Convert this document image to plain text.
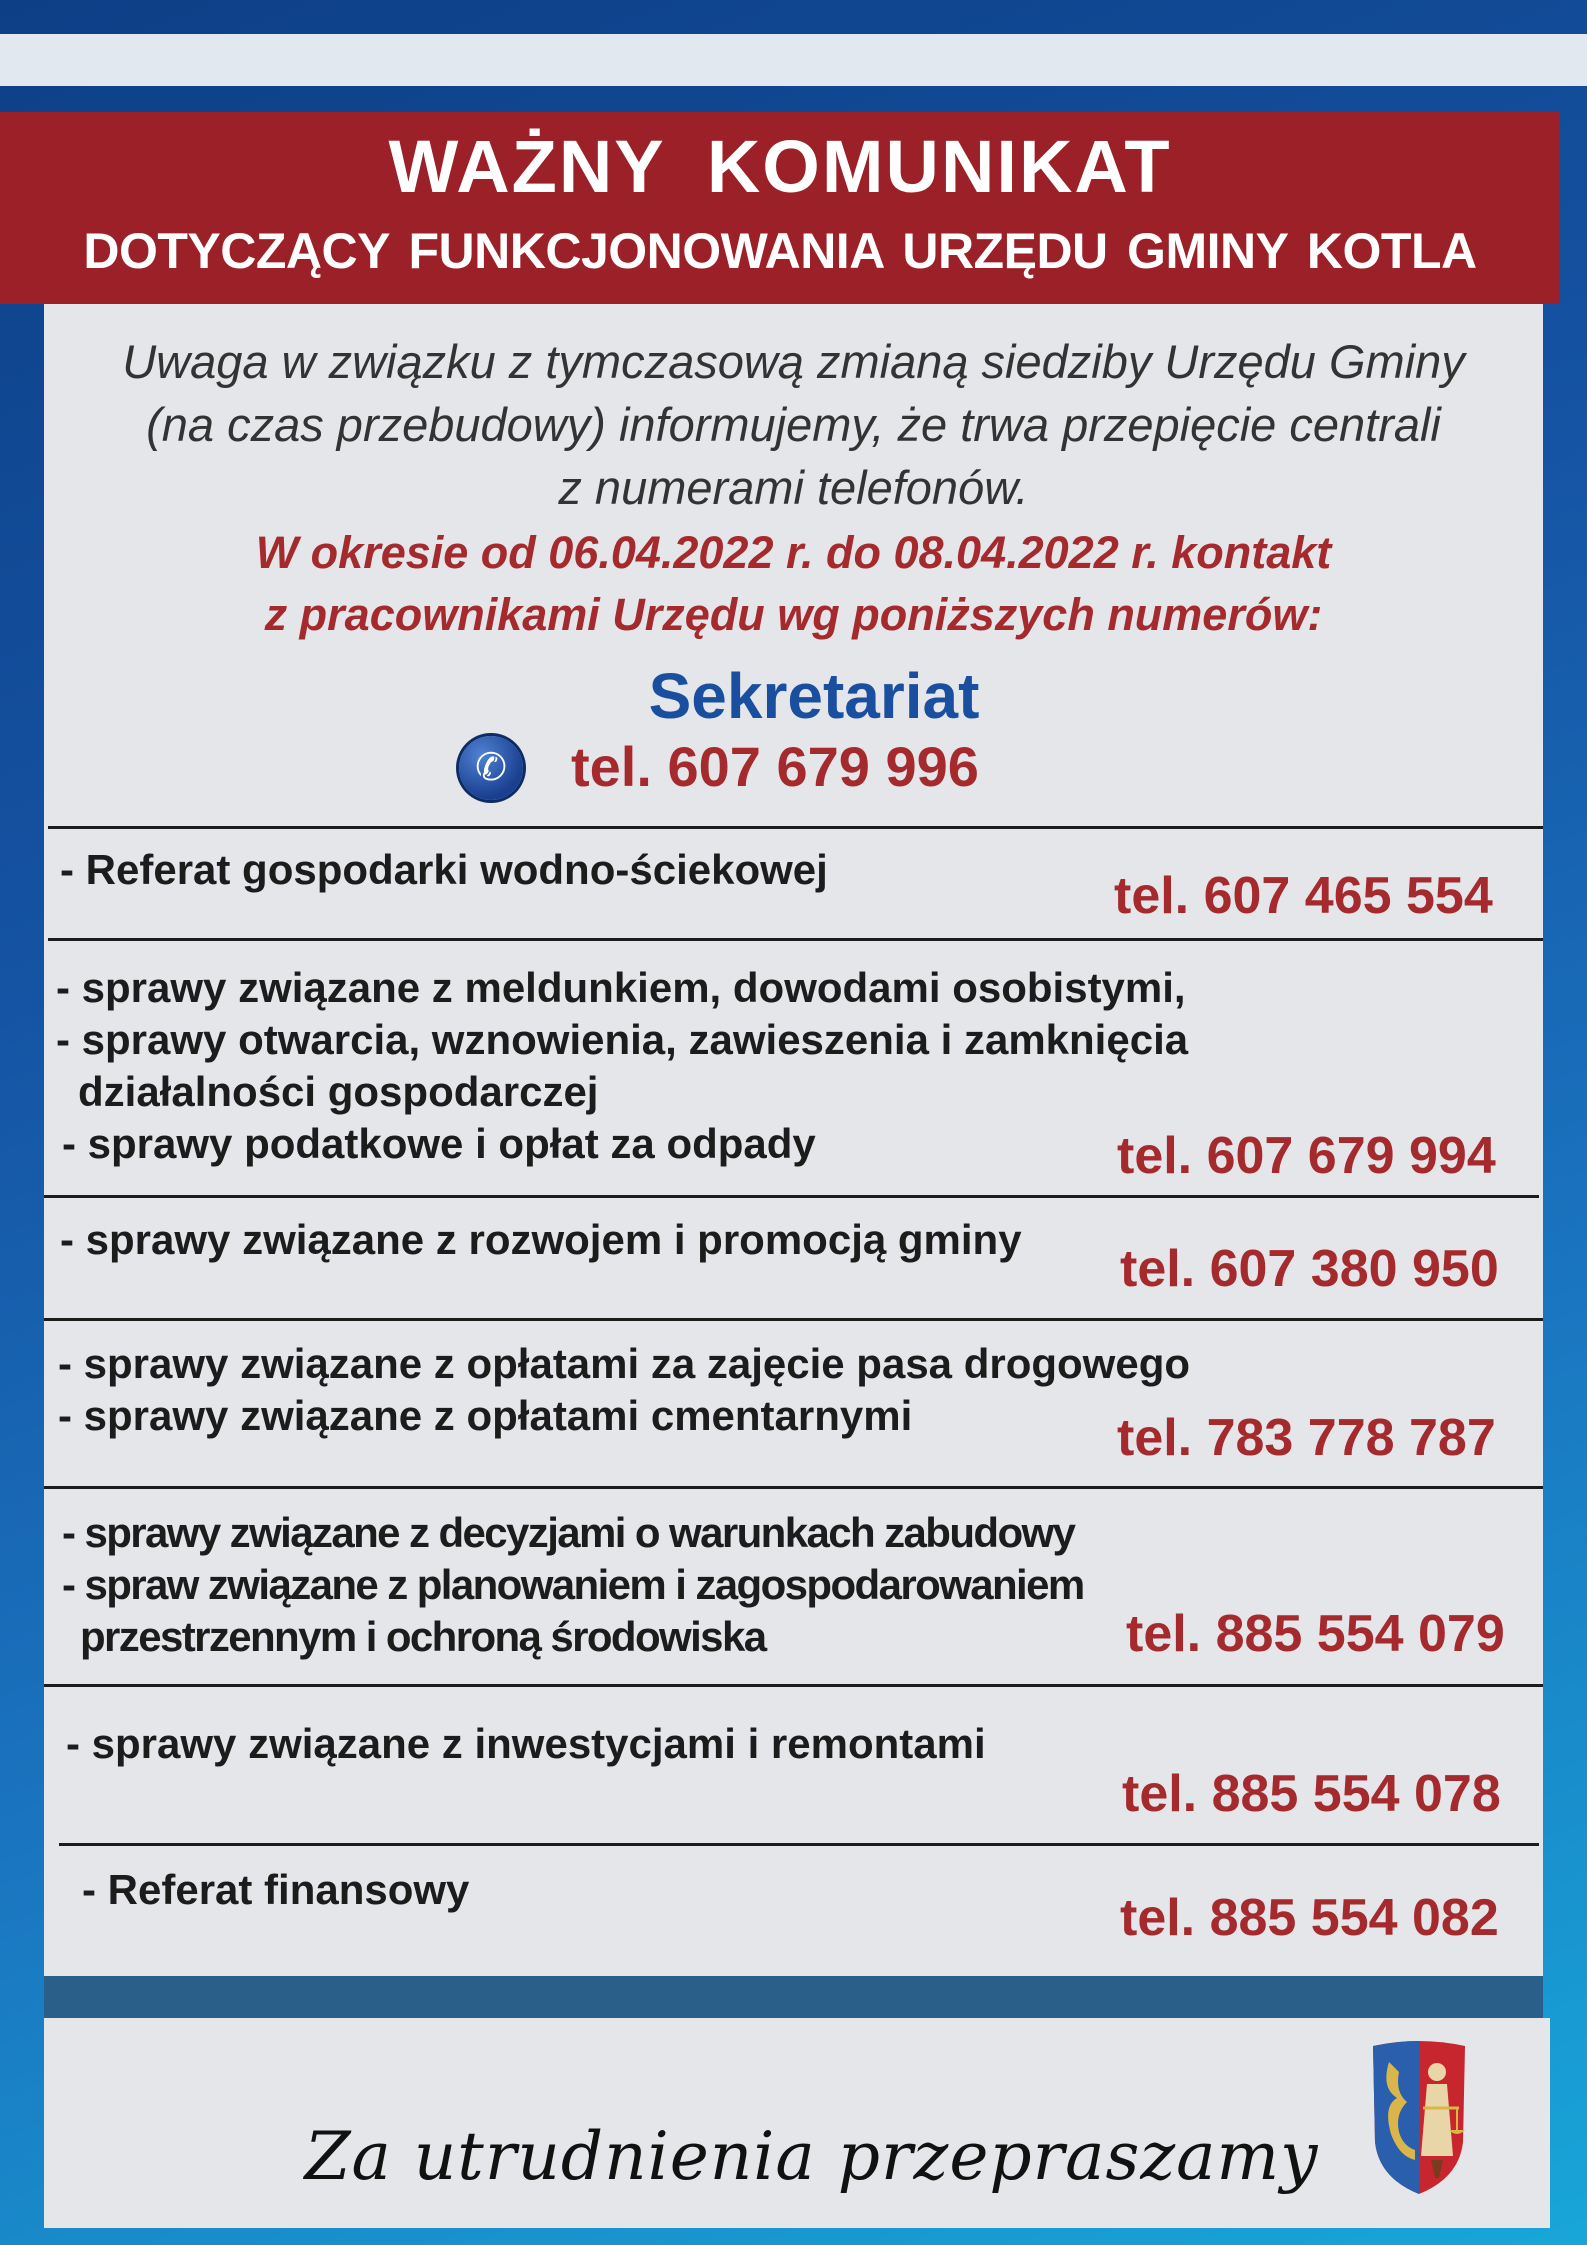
WAŻNY KOMUNIKAT
DOTYCZĄCY FUNKCJONOWANIA URZĘDU GMINY KOTLA
Uwaga w związku z tymczasową zmianą siedziby Urzędu Gminy
(na czas przebudowy) informujemy, że trwa przepięcie centrali
z numerami telefonów.
W okresie od 06.04.2022 r. do 08.04.2022 r. kontakt
z pracownikami Urzędu wg poniższych numerów:
Sekretariat
✆ tel. 607 679 996
- Referat gospodarki wodno-ściekowej	tel. 607 465 554
- sprawy związane z meldunkiem, dowodami osobistymi,
- sprawy otwarcia, wznowienia, zawieszenia i zamknięcia
działalności gospodarczej
- sprawy podatkowe i opłat za odpady	tel. 607 679 994
- sprawy związane z rozwojem i promocją gminy
tel. 607 380 950
- sprawy związane z opłatami za zajęcie pasa drogowego
- sprawy związane z opłatami cmentarnymi	tel. 783 778 787
- sprawy związane z decyzjami o warunkach zabudowy
- spraw związane z planowaniem i zagospodarowaniem
przestrzennym i ochroną środowiska	tel. 885 554 079
- sprawy związane z inwestycjami i remontami
tel. 885 554 078
- Referat finansowy	tel. 885 554 082
Za utrudnienia przepraszamy
